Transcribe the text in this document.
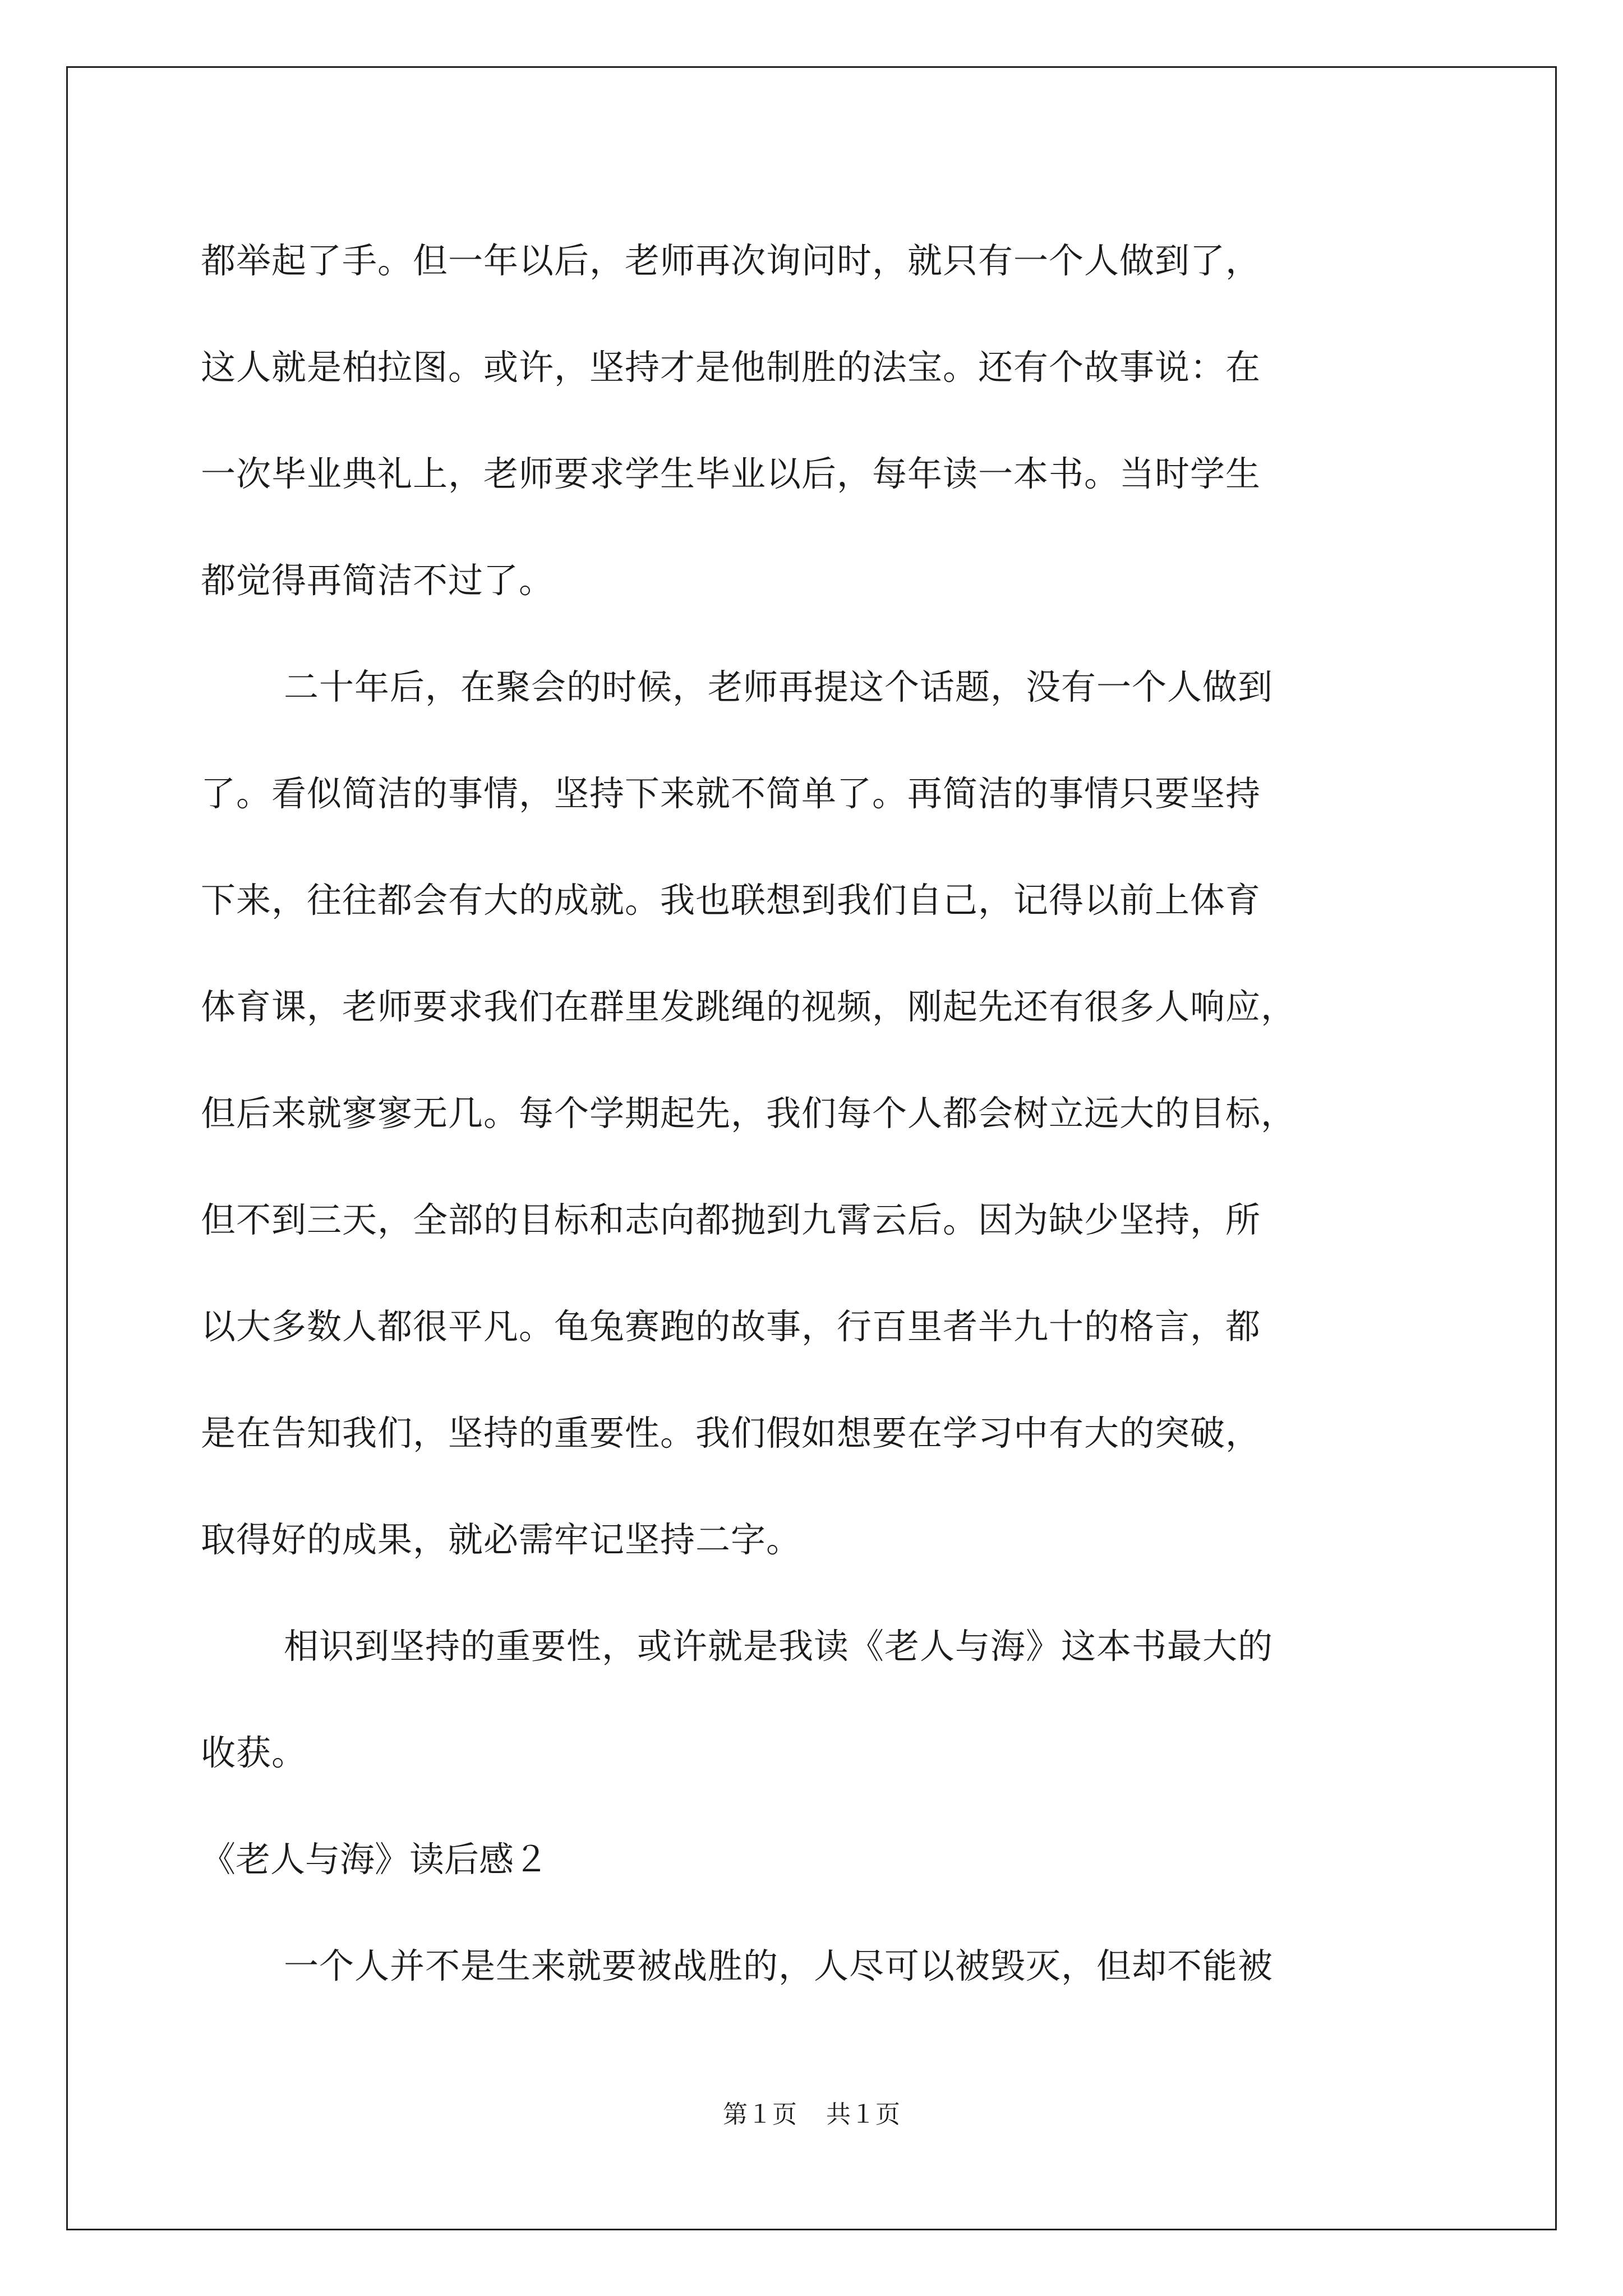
都举起了手。但一年以后，老师再次询问时，就只有一个人做到了，
这人就是柏拉图。或许，坚持才是他制胜的法宝。还有个故事说：在
一次毕业典礼上，老师要求学生毕业以后，每年读一本书。当时学生
都觉得再简洁不过了。
二十年后，在聚会的时候，老师再提这个话题，没有一个人做到
了。看似简洁的事情，坚持下来就不简单了。再简洁的事情只要坚持
下来，往往都会有大的成就。我也联想到我们自己，记得以前上体育
体育课，老师要求我们在群里发跳绳的视频，刚起先还有很多人响应，
但后来就寥寥无几。每个学期起先，我们每个人都会树立远大的目标，
但不到三天，全部的目标和志向都抛到九霄云后。因为缺少坚持，所
以大多数人都很平凡。龟兔赛跑的故事，行百里者半九十的格言，都
是在告知我们，坚持的重要性。我们假如想要在学习中有大的突破，
取得好的成果，就必需牢记坚持二字。
相识到坚持的重要性，或许就是我读《老人与海》这本书最大的
收获。
《老人与海》读后感２
一个人并不是生来就要被战胜的，人尽可以被毁灭，但却不能被
第１页 共１页
